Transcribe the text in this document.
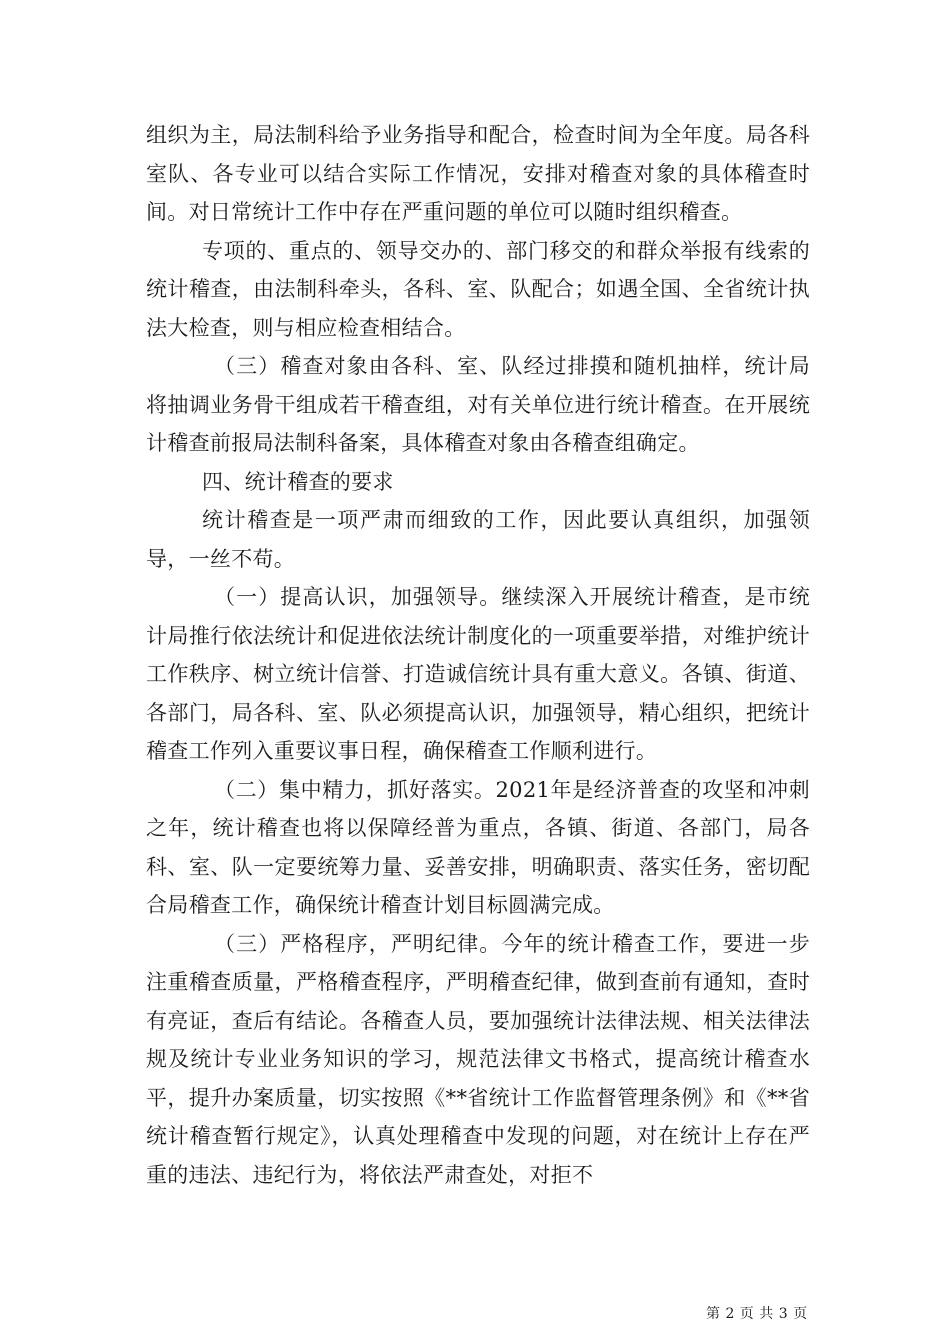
组织为主，局法制科给予业务指导和配合，检查时间为全年度。局各科室队、各专业可以结合实际工作情况，安排对稽查对象的具体稽查时间。对日常统计工作中存在严重问题的单位可以随时组织稽查。

专项的、重点的、领导交办的、部门移交的和群众举报有线索的统计稽查，由法制科牵头，各科、室、队配合；如遇全国、全省统计执法大检查，则与相应检查相结合。

（三）稽查对象由各科、室、队经过排摸和随机抽样，统计局将抽调业务骨干组成若干稽查组，对有关单位进行统计稽查。在开展统计稽查前报局法制科备案，具体稽查对象由各稽查组确定。

四、统计稽查的要求

统计稽查是一项严肃而细致的工作，因此要认真组织，加强领导，一丝不苟。

（一）提高认识，加强领导。继续深入开展统计稽查，是市统计局推行依法统计和促进依法统计制度化的一项重要举措，对维护统计工作秩序、树立统计信誉、打造诚信统计具有重大意义。各镇、街道、各部门，局各科、室、队必须提高认识，加强领导，精心组织，把统计稽查工作列入重要议事日程，确保稽查工作顺利进行。

（二）集中精力，抓好落实。2021年是经济普查的攻坚和冲刺之年，统计稽查也将以保障经普为重点，各镇、街道、各部门，局各科、室、队一定要统筹力量、妥善安排，明确职责、落实任务，密切配合局稽查工作，确保统计稽查计划目标圆满完成。

（三）严格程序，严明纪律。今年的统计稽查工作，要进一步注重稽查质量，严格稽查程序，严明稽查纪律，做到查前有通知，查时有亮证，查后有结论。各稽查人员，要加强统计法律法规、相关法律法规及统计专业业务知识的学习，规范法律文书格式，提高统计稽查水平，提升办案质量，切实按照《**省统计工作监督管理条例》和《**省统计稽查暂行规定》，认真处理稽查中发现的问题，对在统计上存在严重的违法、违纪行为，将依法严肃查处，对拒不

第 2 页 共 3 页
